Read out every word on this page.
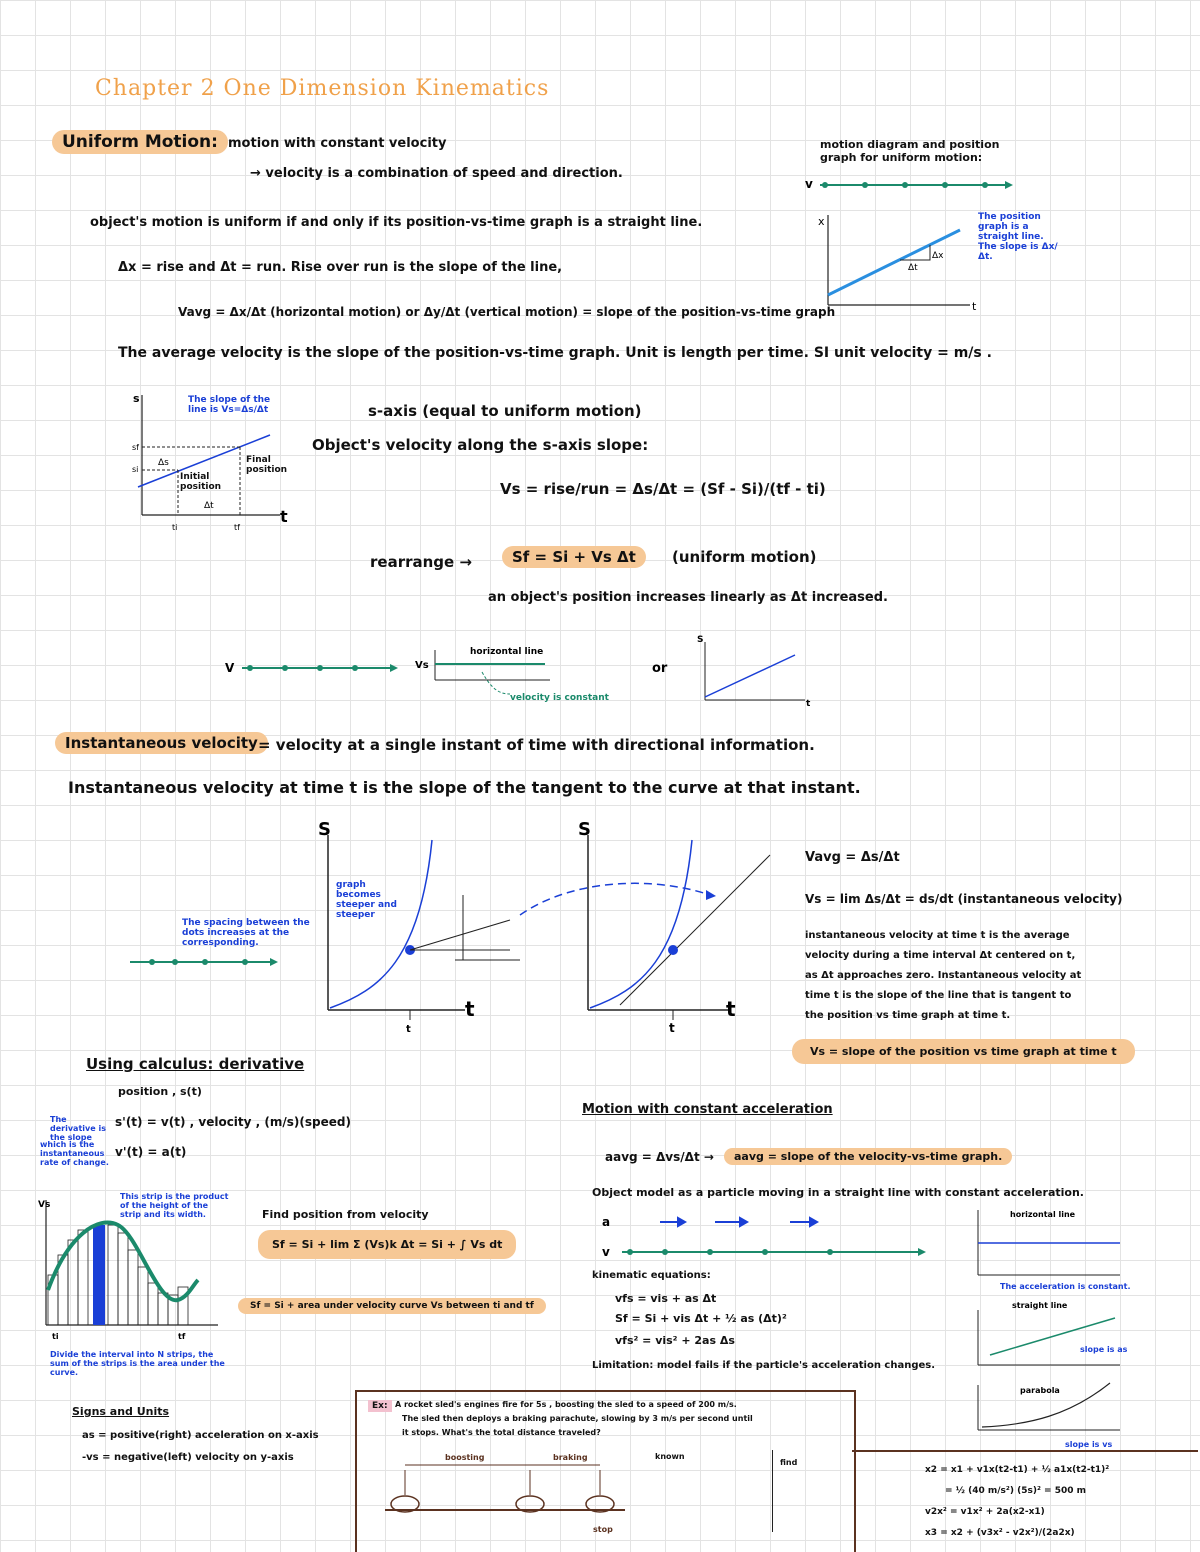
Chapter 2 One Dimension Kinematics
Uniform Motion: motion with constant velocity
→ velocity is a combination of speed and direction.
object's motion is uniform if and only if its position-vs-time graph is a straight line.
Δx = rise and Δt = run. Rise over run is the slope of the line,
Vavg = Δx/Δt (horizontal motion) or Δy/Δt (vertical motion) = slope of the position-vs-time graph
The average velocity is the slope of the position-vs-time graph. Unit is length per time. SI unit velocity = m/s .
motion diagram and position graph for uniform motion:
v
x
t
Δx
Δt
The position graph is a straight line. The slope is Δx/Δt.
s
t
Δs
Δt
ti	tf
si
sf
The slope of the line is Vs=Δs/Δt
Final position
Initial position
s-axis (equal to uniform motion)
Object's velocity along the s-axis slope:
Vs = rise/run = Δs/Δt = (Sf - Si)/(tf - ti)
rearrange →	Sf = Si + Vs Δt	(uniform motion)
an object's position increases linearly as Δt increased.
V	Vs
horizontal line
velocity is constant
or
S
t
Instantaneous velocity = velocity at a single instant of time with directional information.
Instantaneous velocity at time t is the slope of the tangent to the curve at that instant.
S
t
t
S
t
t
The spacing between the dots increases at the corresponding.
graph becomes steeper and steeper
Vavg = Δs/Δt
Vs = lim Δs/Δt = ds/dt (instantaneous velocity)
instantaneous velocity at time t is the average
velocity during a time interval Δt centered on t,
as Δt approaches zero. Instantaneous velocity at
time t is the slope of the line that is tangent to
the position vs time graph at time t.
Vs = slope of the position vs time graph at time t
Using calculus: derivative
position , s(t)
s'(t) = v(t) , velocity , (m/s)(speed)
v'(t) = a(t)
The derivative is the slope
which is the instantaneous rate of change.
Vs
ti	tf
This strip is the product of the height of the strip and its width.
Divide the interval into N strips, the sum of the strips is the area under the curve.
Find position from velocity
Sf = Si + lim Σ (Vs)k Δt = Si + ∫ Vs dt
Sf = Si + area under velocity curve Vs between ti and tf
Motion with constant acceleration
aavg = Δvs/Δt →	aavg = slope of the velocity-vs-time graph.
Object model as a particle moving in a straight line with constant acceleration.
a
v
kinematic equations:
vfs = vis + as Δt
Sf = Si + vis Δt + ½ as (Δt)²
vfs² = vis² + 2as Δs
Limitation: model fails if the particle's acceleration changes.
horizontal line
straight line
parabola
The acceleration is constant.
slope is as
slope is vs
Signs and Units
as = positive(right) acceleration on x-axis
-vs = negative(left) velocity on y-axis
Ex: A rocket sled's engines fire for 5s , boosting the sled to a speed of 200 m/s.
The sled then deploys a braking parachute, slowing by 3 m/s per second until
it stops. What's the total distance traveled?
boosting	braking
stop
known
find
x2 = x1 + v1x(t2-t1) + ½ a1x(t2-t1)²
= ½ (40 m/s²) (5s)² = 500 m
v2x² = v1x² + 2a(x2-x1)
x3 = x2 + (v3x² - v2x²)/(2a2x)
